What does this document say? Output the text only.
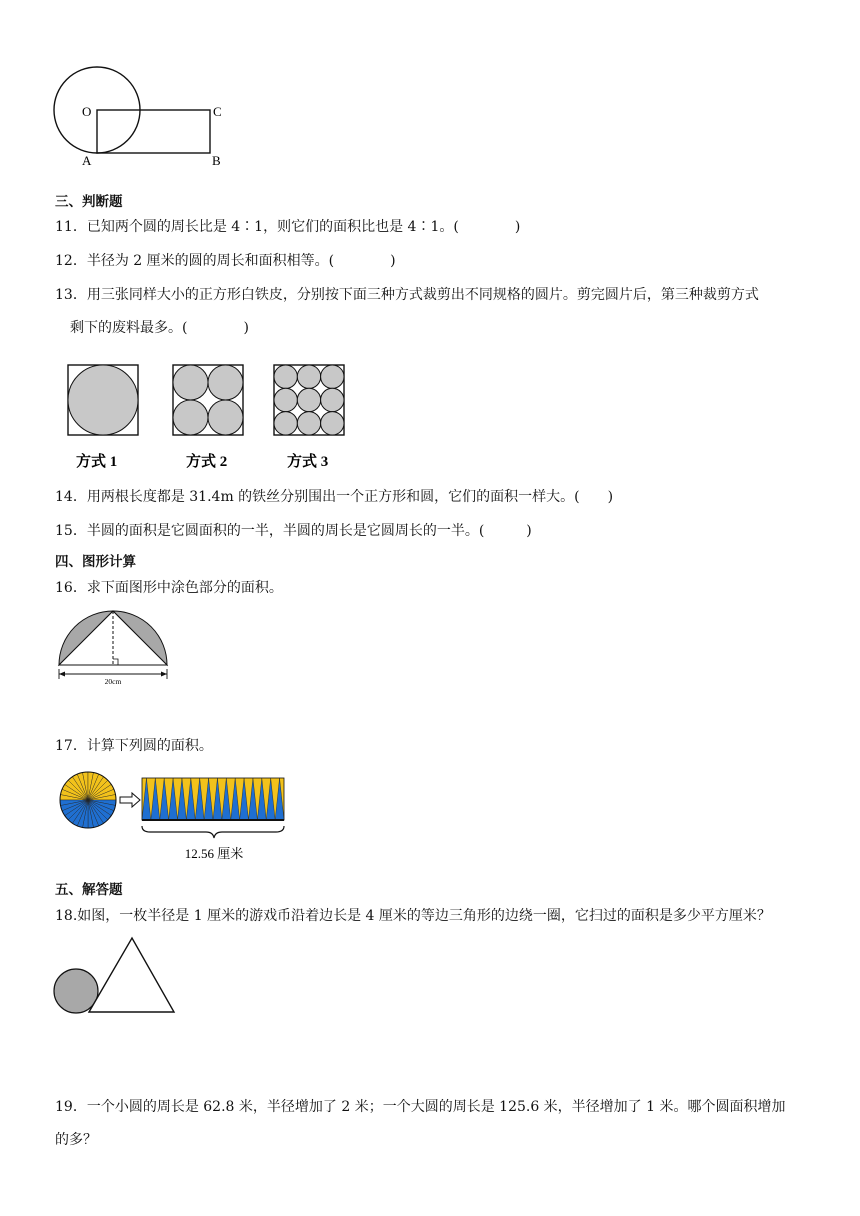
O	C
A	B
三、判断题
11．已知两个圆的周长比是 4∶1，则它们的面积比也是 4∶1。(　　　　)
12．半径为 2 厘米的圆的周长和面积相等。(　　　　)
13．用三张同样大小的正方形白铁皮，分别按下面三种方式裁剪出不同规格的圆片。剪完圆片后，第三种裁剪方式
剩下的废料最多。(　　　　)
方式 1	方式 2	方式 3
14．用两根长度都是 31.4m 的铁丝分别围出一个正方形和圆，它们的面积一样大。(　　)
15．半圆的面积是它圆面积的一半，半圆的周长是它圆周长的一半。(　　　)
四、图形计算
16．求下面图形中涂色部分的面积。
20cm
17．计算下列圆的面积。
12.56 厘米
五、解答题
18.如图，一枚半径是 1 厘米的游戏币沿着边长是 4 厘米的等边三角形的边绕一圈，它扫过的面积是多少平方厘米？
19．一个小圆的周长是 62.8 米，半径增加了 2 米；一个大圆的周长是 125.6 米，半径增加了 1 米。哪个圆面积增加
的多？
